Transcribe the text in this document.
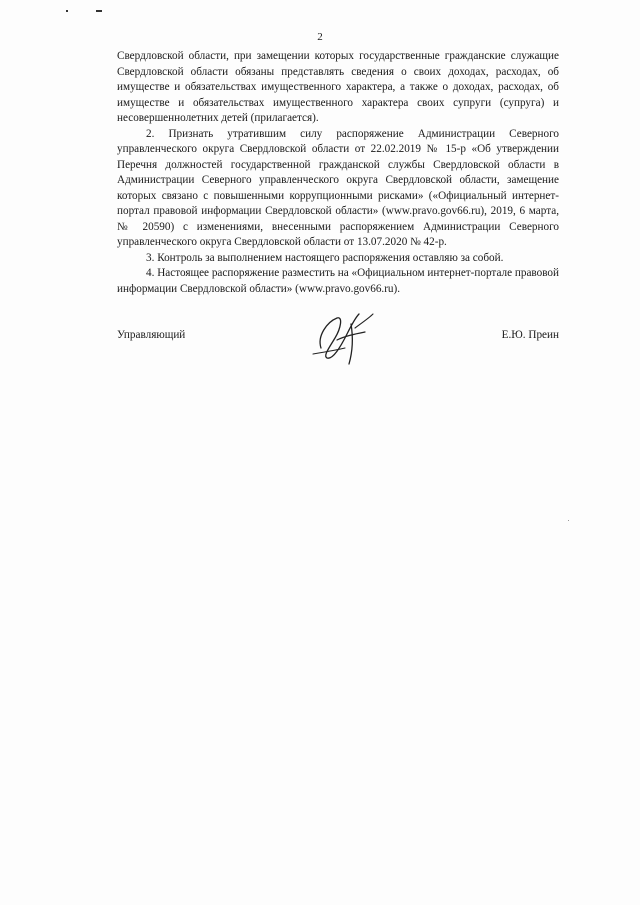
2

Свердловской области, при замещении которых государственные гражданские служащие Свердловской области обязаны представлять сведения о своих доходах, расходах, об имуществе и обязательствах имущественного характера, а также о доходах, расходах, об имуществе и обязательствах имущественного характера своих супруги (супруга) и несовершеннолетних детей (прилагается).

2. Признать утратившим силу распоряжение Администрации Северного управленческого округа Свердловской области от 22.02.2019 № 15-р «Об утверждении Перечня должностей государственной гражданской службы Свердловской области в Администрации Северного управленческого округа Свердловской области, замещение которых связано с повышенными коррупционными рисками» («Официальный интернет-портал правовой информации Свердловской области» (www.pravo.gov66.ru), 2019, 6 марта, № 20590) с изменениями, внесенными распоряжением Администрации Северного управленческого округа Свердловской области от 13.07.2020 № 42-р.

3. Контроль за выполнением настоящего распоряжения оставляю за собой.

4. Настоящее распоряжение разместить на «Официальном интернет-портале правовой информации Свердловской области» (www.pravo.gov66.ru).

Управляющий	Е.Ю. Преин
